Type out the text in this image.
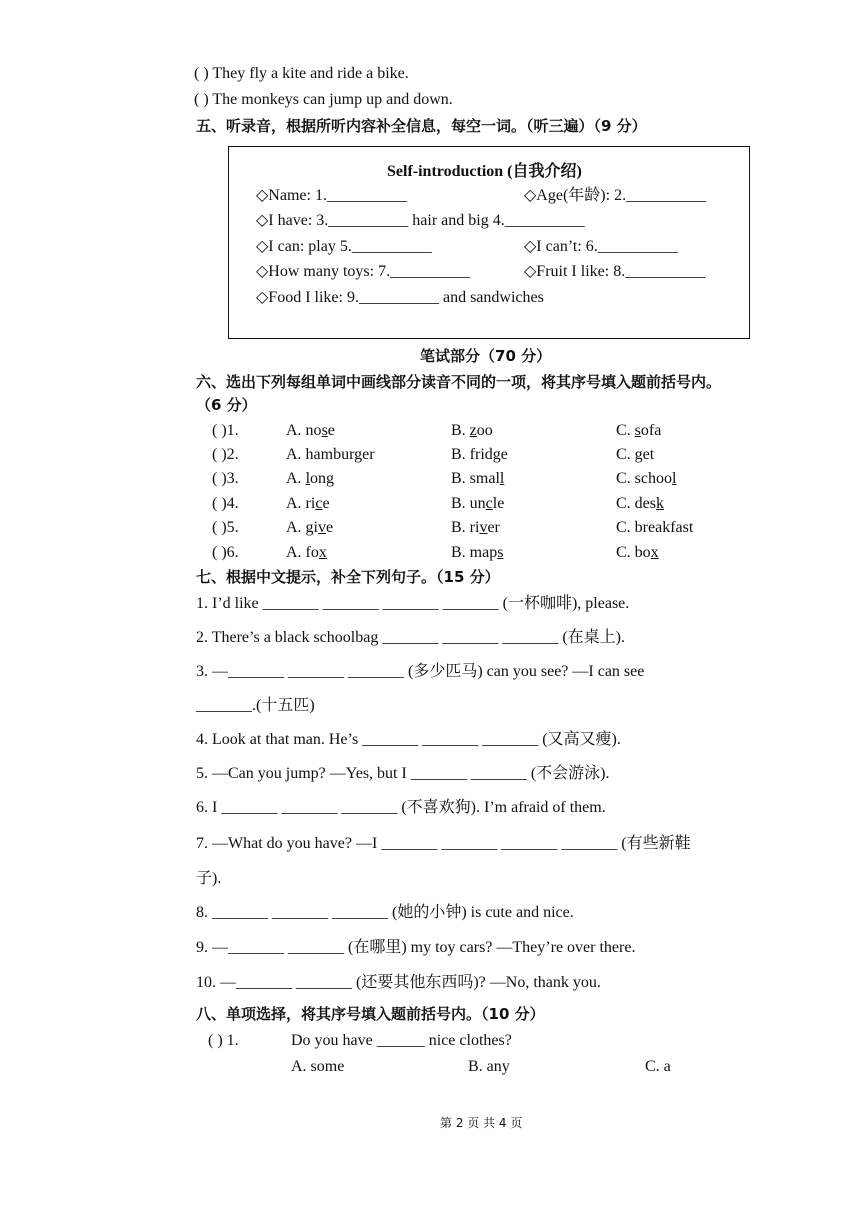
( ) They fly a kite and ride a bike.
( ) The monkeys can jump up and down.
五、听录音，根据所听内容补全信息，每空一词。（听三遍）（9 分）
Self-introduction (自我介绍)
◇Name: 1.__________	◇Age(年龄): 2.__________
◇I have: 3.__________ hair and big 4.__________
◇I can: play 5.__________	◇I can’t: 6.__________
◇How many toys: 7.__________	◇Fruit I like: 8.__________
◇Food I like: 9.__________ and sandwiches
笔试部分（70 分）
六、选出下列每组单词中画线部分读音不同的一项，将其序号填入题前括号内。
（6 分）
( )1.	A. nose	B. zoo	C. sofa
( )2.	A. hamburger	B. fridge	C. get
( )3.	A. long	B. small	C. school
( )4.	A. rice	B. uncle	C. desk
( )5.	A. give	B. river	C. breakfast
( )6.	A. fox	B. maps	C. box
七、根据中文提示，补全下列句子。（15 分）
1. I’d like _______ _______ _______ _______ (一杯咖啡), please.
2. There’s a black schoolbag _______ _______ _______ (在桌上).
3. —_______ _______ _______ (多少匹马) can you see? —I can see
_______.(十五匹)
4. Look at that man. He’s _______ _______ _______ (又高又瘦).
5. —Can you jump? —Yes, but I _______ _______ (不会游泳).
6. I _______ _______ _______ (不喜欢狗). I’m afraid of them.
7. —What do you have? —I _______ _______ _______ _______ (有些新鞋
子).
8. _______ _______ _______ (她的小钟) is cute and nice.
9. —_______ _______ (在哪里) my toy cars? —They’re over there.
10. —_______ _______ (还要其他东西吗)? —No, thank you.
八、单项选择，将其序号填入题前括号内。（10 分）
( ) 1.	Do you have ______ nice clothes?
A. some	B. any	C. a
第 2 页 共 4 页
